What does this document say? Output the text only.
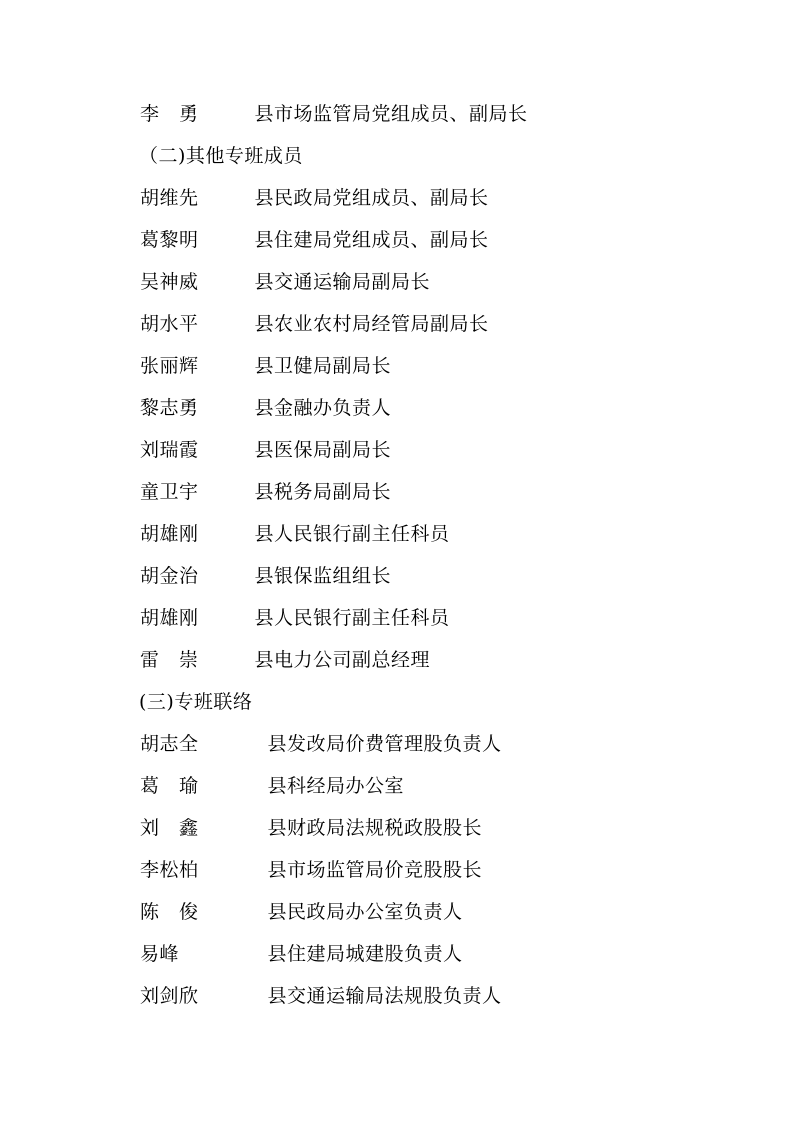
李　勇	县市场监管局党组成员、副局长
（二)其他专班成员
胡维先	县民政局党组成员、副局长
葛黎明	县住建局党组成员、副局长
吴神威	县交通运输局副局长
胡水平	县农业农村局经管局副局长
张丽辉	县卫健局副局长
黎志勇	县金融办负责人
刘瑞霞	县医保局副局长
童卫宇	县税务局副局长
胡雄刚	县人民银行副主任科员
胡金治	县银保监组组长
胡雄刚	县人民银行副主任科员
雷　崇	县电力公司副总经理
(三)专班联络
胡志全	县发改局价费管理股负责人
葛　瑜	县科经局办公室
刘　鑫	县财政局法规税政股股长
李松柏	县市场监管局价竞股股长
陈　俊	县民政局办公室负责人
易峰	县住建局城建股负责人
刘剑欣	县交通运输局法规股负责人
